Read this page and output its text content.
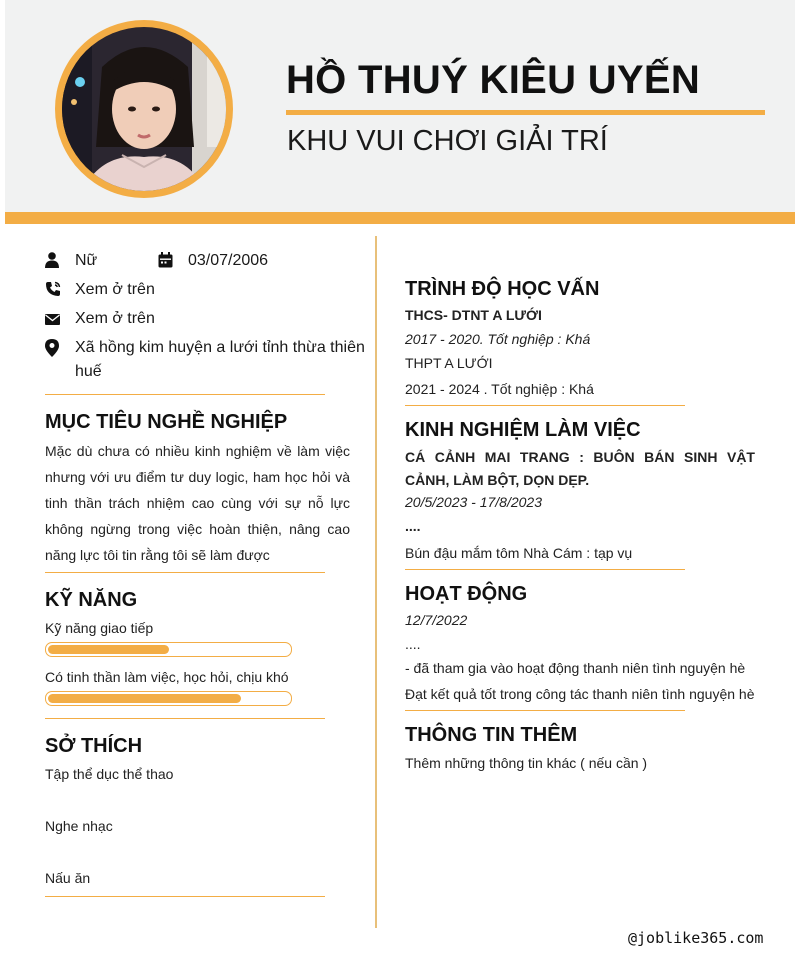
HỒ THUÝ KIÊU UYẾN
KHU VUI CHƠI GIẢI TRÍ
Nữ	03/07/2006
Xem ở trên
Xem ở trên
Xã hồng kim huyện a lưới tỉnh thừa thiên huế
MỤC TIÊU NGHỀ NGHIỆP
Mặc dù chưa có nhiều kinh nghiệm về làm việc nhưng với ưu điểm tư duy logic, ham học hỏi và tinh thần trách nhiệm cao cùng với sự nỗ lực không ngừng trong việc hoàn thiện, nâng cao năng lực tôi tin rằng tôi sẽ làm được
KỸ NĂNG
Kỹ năng giao tiếp
Có tinh thần làm việc, học hỏi, chịu khó
SỞ THÍCH
Tập thể dục thể thao
Nghe nhạc
Nấu ăn
TRÌNH ĐỘ HỌC VẤN
THCS- DTNT A LƯỚI
2017 - 2020. Tốt nghiệp : Khá
THPT A LƯỚI
2021 - 2024 . Tốt nghiệp : Khá
KINH NGHIỆM LÀM VIỆC
CÁ CẢNH MAI TRANG : BUÔN BÁN SINH VẬT CẢNH, LÀM BỘT, DỌN DẸP.
20/5/2023 - 17/8/2023
....
Bún đậu mắm tôm Nhà Cám : tạp vụ
HOẠT ĐỘNG
12/7/2022
....
- đã tham gia vào hoạt động thanh niên tình nguyện hè
Đạt kết quả tốt trong công tác thanh niên tình nguyện hè
THÔNG TIN THÊM
Thêm những thông tin khác ( nếu cần )
@joblike365.com
